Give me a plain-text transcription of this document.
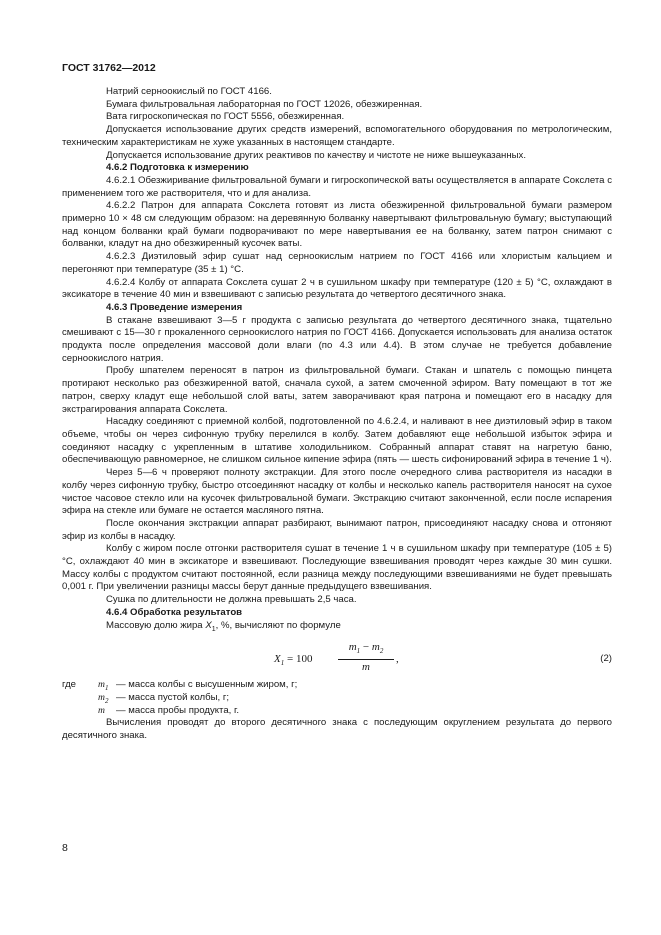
ГОСТ 31762—2012

Натрий серноокислый по ГОСТ 4166.

Бумага фильтровальная лабораторная по ГОСТ 12026, обезжиренная.

Вата гигроскопическая по ГОСТ 5556, обезжиренная.

Допускается использование других средств измерений, вспомогательного оборудования по метрологическим, техническим характеристикам не хуже указанных в настоящем стандарте.

Допускается использование других реактивов по качеству и чистоте не ниже вышеуказанных.

4.6.2 Подготовка к измерению

4.6.2.1 Обезжиривание фильтровальной бумаги и гигроскопической ваты осуществляется в аппарате Сокслета с применением того же растворителя, что и для анализа.

4.6.2.2 Патрон для аппарата Сокслета готовят из листа обезжиренной фильтровальной бумаги размером примерно 10 × 48 см следующим образом: на деревянную болванку навертывают фильтровальную бумагу; выступающий над концом болванки край бумаги подворачивают по мере навертывания ее на болванку, затем патрон снимают с болванки, кладут на дно обезжиренный кусочек ваты.

4.6.2.3 Диэтиловый эфир сушат над серноокислым натрием по ГОСТ 4166 или хлористым кальцием и перегоняют при температуре (35 ± 1) °С.

4.6.2.4 Колбу от аппарата Сокслета сушат 2 ч в сушильном шкафу при температуре (120 ± 5) °С, охлаждают в эксикаторе в течение 40 мин и взвешивают с записью результата до четвертого десятичного знака.

4.6.3 Проведение измерения

В стакане взвешивают 3—5 г продукта с записью результата до четвертого десятичного знака, тщательно смешивают с 15—30 г прокаленного серноокислого натрия по ГОСТ 4166. Допускается использовать для анализа остаток продукта после определения массовой доли влаги (по 4.3 или 4.4). В этом случае не требуется добавление серноокислого натрия.

Пробу шпателем переносят в патрон из фильтровальной бумаги. Стакан и шпатель с помощью пинцета протирают несколько раз обезжиренной ватой, сначала сухой, а затем смоченной эфиром. Вату помещают в тот же патрон, сверху кладут еще небольшой слой ваты, затем заворачивают края патрона и помещают его в насадку для экстрагирования аппарата Сокслета.

Насадку соединяют с приемной колбой, подготовленной по 4.6.2.4, и наливают в нее диэтиловый эфир в таком объеме, чтобы он через сифонную трубку перелился в колбу. Затем добавляют еще небольшой избыток эфира и соединяют насадку с укрепленным в штативе холодильником. Собранный аппарат ставят на нагретую баню, обеспечивающую равномерное, не слишком сильное кипение эфира (пять — шесть сифонирований эфира в течение 1 ч).

Через 5—6 ч проверяют полноту экстракции. Для этого после очередного слива растворителя из насадки в колбу через сифонную трубку, быстро отсоединяют насадку от колбы и несколько капель растворителя наносят на сухое чистое часовое стекло или на кусочек фильтровальной бумаги. Экстракцию считают законченной, если после испарения эфира на стекле или бумаге не остается масляного пятна.

После окончания экстракции аппарат разбирают, вынимают патрон, присоединяют насадку снова и отгоняют эфир из колбы в насадку.

Колбу с жиром после отгонки растворителя сушат в течение 1 ч в сушильном шкафу при температуре (105 ± 5) °С, охлаждают 40 мин в эксикаторе и взвешивают. Последующие взвешивания проводят через каждые 30 мин сушки. Массу колбы с продуктом считают постоянной, если разница между последующими взвешиваниями не будет превышать 0,001 г. При увеличении разницы массы берут данные предыдущего взвешивания.

Сушка по длительности не должна превышать 2,5 часа.

4.6.4 Обработка результатов

Массовую долю жира $X_1$, %, вычисляют по формуле

$X_1 = 100 \frac{m_1 - m_2}{m}$ ,	(2)
где $m_1$ — масса колбы с высушенным жиром, г;
$m_2$ — масса пустой колбы, г;
m — масса пробы продукта, г.

Вычисления проводят до второго десятичного знака с последующим округлением результата до первого десятичного знака.

8
